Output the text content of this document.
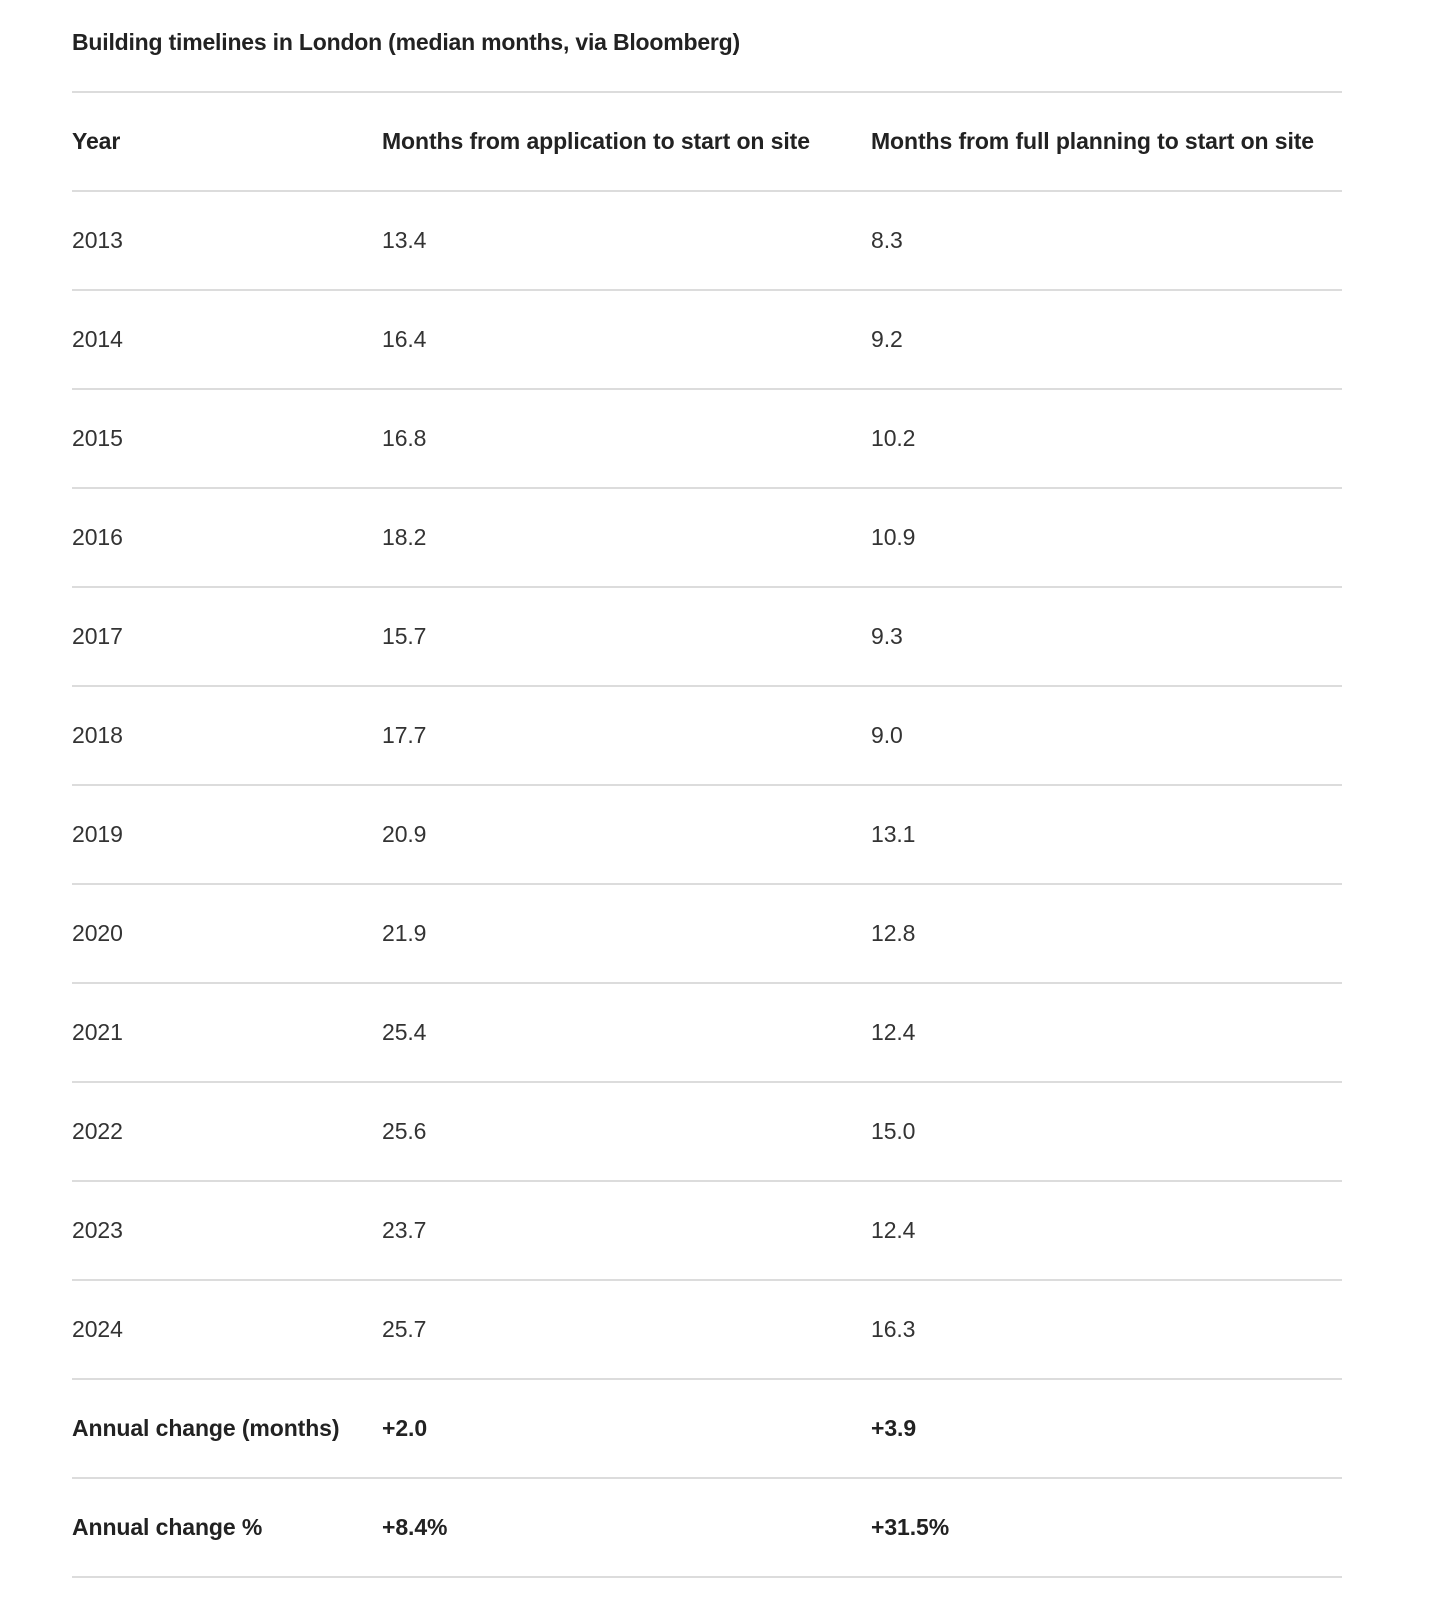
Building timelines in London (median months, via Bloomberg)
Year	Months from application to start on site	Months from full planning to start on site
2013	13.4	8.3
2014	16.4	9.2
2015	16.8	10.2
2016	18.2	10.9
2017	15.7	9.3
2018	17.7	9.0
2019	20.9	13.1
2020	21.9	12.8
2021	25.4	12.4
2022	25.6	15.0
2023	23.7	12.4
2024	25.7	16.3
Annual change (months)	+2.0	+3.9
Annual change %	+8.4%	+31.5%
